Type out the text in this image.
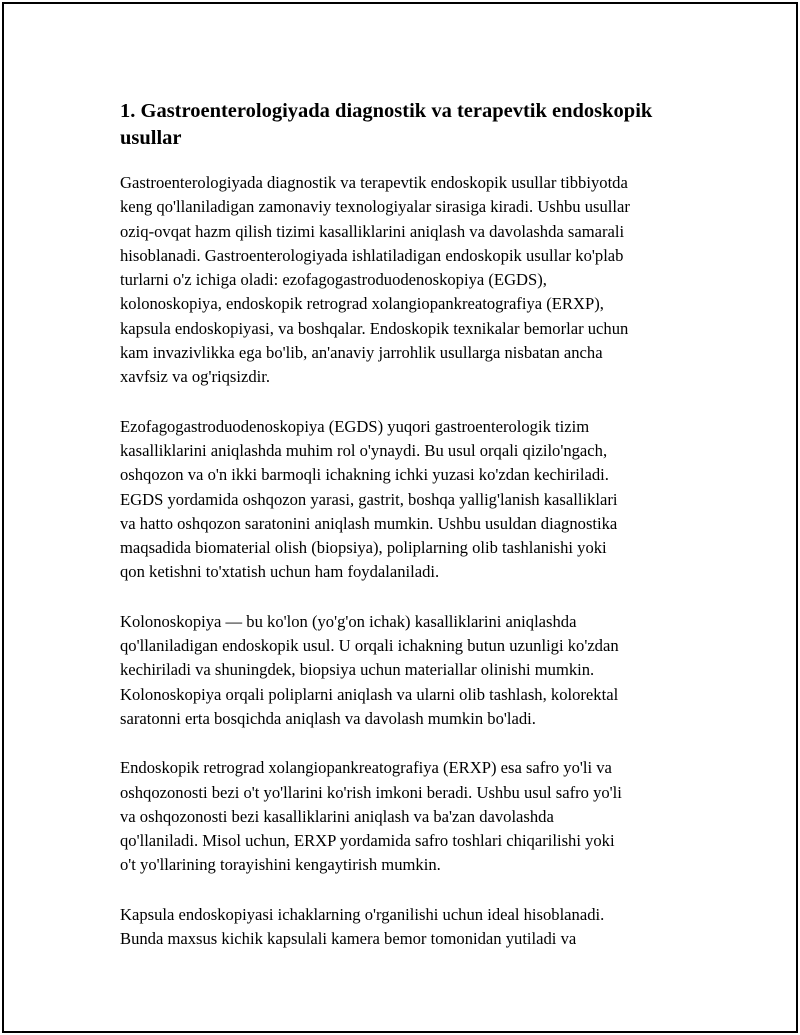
1. Gastroenterologiyada diagnostik va terapevtik endoskopik
usullar

Gastroenterologiyada diagnostik va terapevtik endoskopik usullar tibbiyotda
keng qo'llaniladigan zamonaviy texnologiyalar sirasiga kiradi. Ushbu usullar
oziq-ovqat hazm qilish tizimi kasalliklarini aniqlash va davolashda samarali
hisoblanadi. Gastroenterologiyada ishlatiladigan endoskopik usullar ko'plab
turlarni o'z ichiga oladi: ezofagogastroduodenoskopiya (EGDS),
kolonoskopiya, endoskopik retrograd xolangiopankreatografiya (ERXP),
kapsula endoskopiyasi, va boshqalar. Endoskopik texnikalar bemorlar uchun
kam invazivlikka ega bo'lib, an'anaviy jarrohlik usullarga nisbatan ancha
xavfsiz va og'riqsizdir.

Ezofagogastroduodenoskopiya (EGDS) yuqori gastroenterologik tizim
kasalliklarini aniqlashda muhim rol o'ynaydi. Bu usul orqali qizilo'ngach,
oshqozon va o'n ikki barmoqli ichakning ichki yuzasi ko'zdan kechiriladi.
EGDS yordamida oshqozon yarasi, gastrit, boshqa yallig'lanish kasalliklari
va hatto oshqozon saratonini aniqlash mumkin. Ushbu usuldan diagnostika
maqsadida biomaterial olish (biopsiya), poliplarning olib tashlanishi yoki
qon ketishni to'xtatish uchun ham foydalaniladi.

Kolonoskopiya — bu ko'lon (yo'g'on ichak) kasalliklarini aniqlashda
qo'llaniladigan endoskopik usul. U orqali ichakning butun uzunligi ko'zdan
kechiriladi va shuningdek, biopsiya uchun materiallar olinishi mumkin.
Kolonoskopiya orqali poliplarni aniqlash va ularni olib tashlash, kolorektal
saratonni erta bosqichda aniqlash va davolash mumkin bo'ladi.

Endoskopik retrograd xolangiopankreatografiya (ERXP) esa safro yo'li va
oshqozonosti bezi o't yo'llarini ko'rish imkoni beradi. Ushbu usul safro yo'li
va oshqozonosti bezi kasalliklarini aniqlash va ba'zan davolashda
qo'llaniladi. Misol uchun, ERXP yordamida safro toshlari chiqarilishi yoki
o't yo'llarining torayishini kengaytirish mumkin.

Kapsula endoskopiyasi ichaklarning o'rganilishi uchun ideal hisoblanadi.
Bunda maxsus kichik kapsulali kamera bemor tomonidan yutiladi va
